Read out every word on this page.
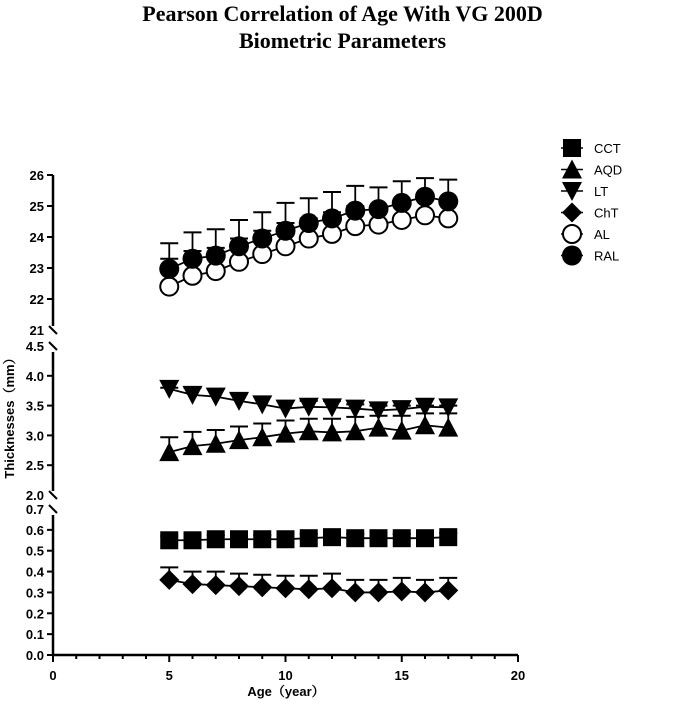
Pearson Correlation of Age With VG 200D
Biometric Parameters
0.0
0.1
0.2
0.3
0.4
0.5
0.6
0.7
2.0
2.5
3.0
3.5
4.0
4.5
21
22
23
24
25
26
0	5	10	15	20
CCT
AQD
LT
ChT
AL
RAL
Age（year）
Thicknesses（mm）
